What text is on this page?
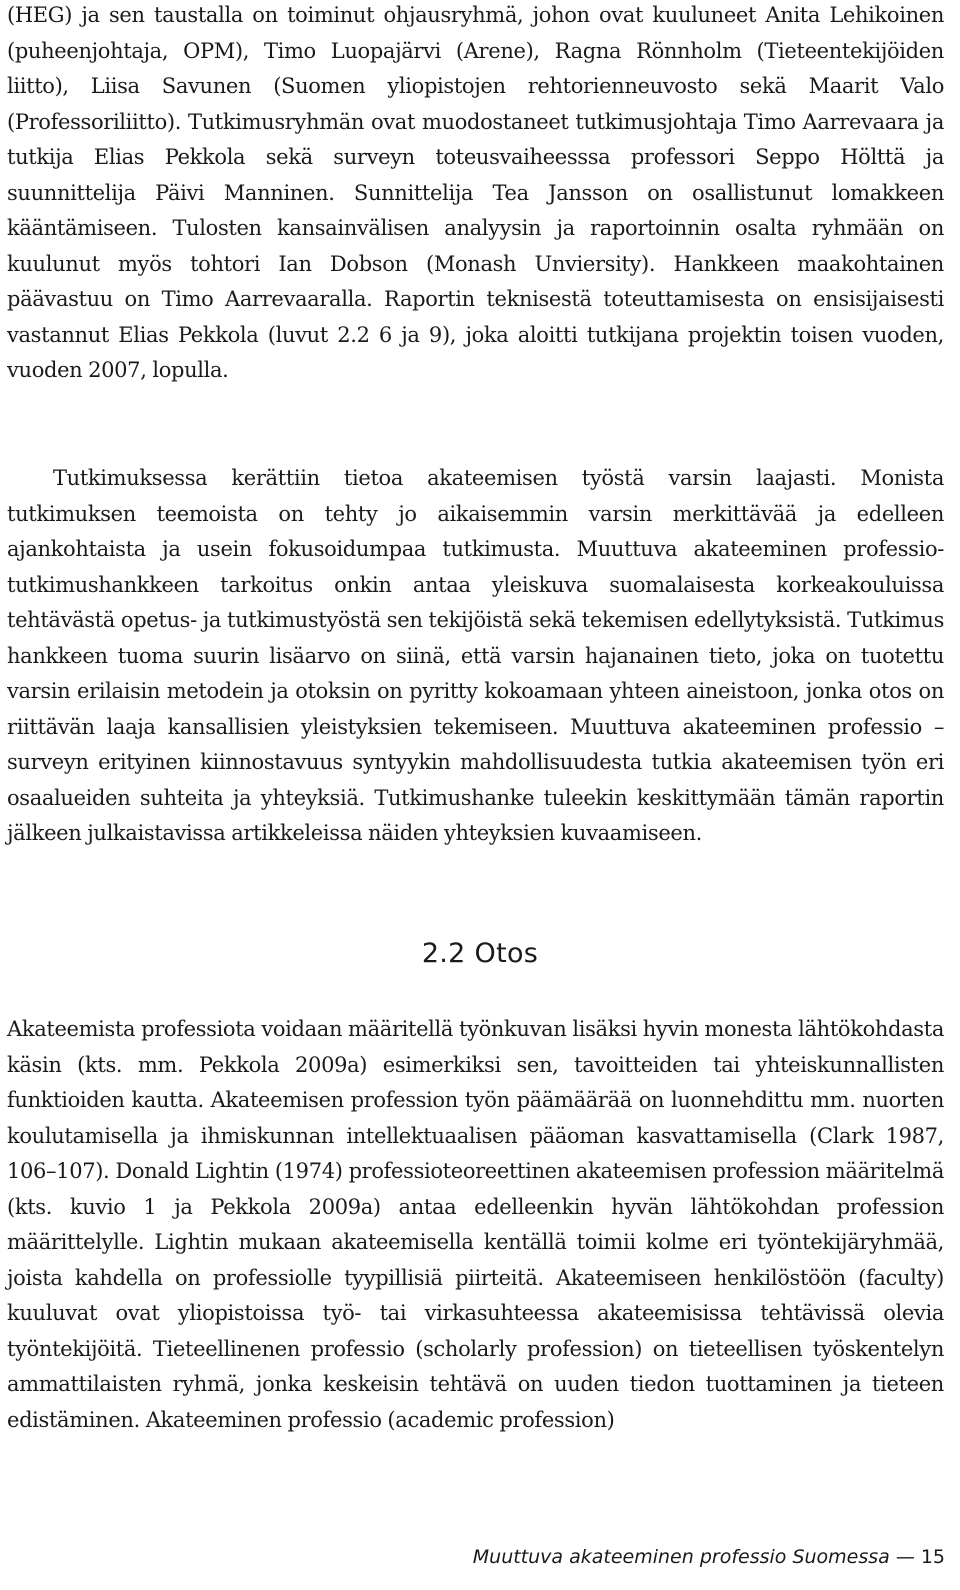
(HEG) ja sen taustalla on toiminut ohjausryhmä, johon ovat kuuluneet Anita Lehikoinen (puheenjohtaja, OPM), Timo Luopajärvi (Arene), Ragna Rönnholm (Tieteentekijöiden liitto), Liisa Savunen (Suomen yliopistojen rehtorienneuvosto sekä Maarit Valo (Professoriliitto). Tutkimusryhmän ovat muodostaneet tutkimusjohtaja Timo Aarrevaara ja tutkija Elias Pekkola sekä surveyn toteusvaiheesssa professori Seppo Hölttä ja suunnittelija Päivi Manninen. Sunnittelija Tea Jansson on osallistunut lomakkeen kääntämiseen. Tulosten kansainvälisen analyysin ja raportoinnin osalta ryhmään on kuulunut myös tohtori Ian Dobson (Monash Unviersity). Hankkeen maakohtainen päävastuu on Timo Aarrevaaralla. Raportin teknisestä toteuttamisesta on ensisijaisesti vastannut Elias Pekkola (luvut 2.2 6 ja 9), joka aloitti tutkijana projektin toisen vuoden, vuoden 2007, lopulla.

Tutkimuksessa kerättiin tietoa akateemisen työstä varsin laajasti. Monista tutkimuksen teemoista on tehty jo aikaisemmin varsin merkittävää ja edelleen ajankohtaista ja usein fokusoidumpaa tutkimusta. Muuttuva akateeminen professio-tutkimushankkeen tarkoitus onkin antaa yleiskuva suomalaisesta korkeakouluissa tehtävästä opetus- ja tutkimustyöstä sen tekijöistä sekä tekemisen edellytyksistä. Tutkimus hankkeen tuoma suurin lisäarvo on siinä, että varsin hajanainen tieto, joka on tuotettu varsin erilaisin metodein ja otoksin on pyritty kokoamaan yhteen aineistoon, jonka otos on riittävän laaja kansallisien yleistyksien tekemiseen. Muuttuva akateeminen professio –surveyn erityinen kiinnostavuus syntyykin mahdollisuudesta tutkia akateemisen työn eri osaalueiden suhteita ja yhteyksiä. Tutkimushanke tuleekin keskittymään tämän raportin jälkeen julkaistavissa artikkeleissa näiden yhteyksien kuvaamiseen.

2.2 Otos

Akateemista professiota voidaan määritellä työnkuvan lisäksi hyvin monesta lähtökohdasta käsin (kts. mm. Pekkola 2009a) esimerkiksi sen, tavoitteiden tai yhteiskunnallisten funktioiden kautta. Akateemisen profession työn päämäärää on luonnehdittu mm. nuorten koulutamisella ja ihmiskunnan intellektuaalisen pääoman kasvattamisella (Clark 1987, 106–107). Donald Lightin (1974) professioteoreettinen akateemisen profession määritelmä (kts. kuvio 1 ja Pekkola 2009a) antaa edelleenkin hyvän lähtökohdan profession määrittelylle. Lightin mukaan akateemisella kentällä toimii kolme eri työntekijäryhmää, joista kahdella on professiolle tyypillisiä piirteitä. Akateemiseen henkilöstöön (faculty) kuuluvat ovat yliopistoissa työ- tai virkasuhteessa akateemisissa tehtävissä olevia työntekijöitä. Tieteellinenen professio (scholarly profession) on tieteellisen työskentelyn ammattilaisten ryhmä, jonka keskeisin tehtävä on uuden tiedon tuottaminen ja tieteen edistäminen. Akateeminen professio (academic profession)

Muuttuva akateeminen professio Suomessa — 15
